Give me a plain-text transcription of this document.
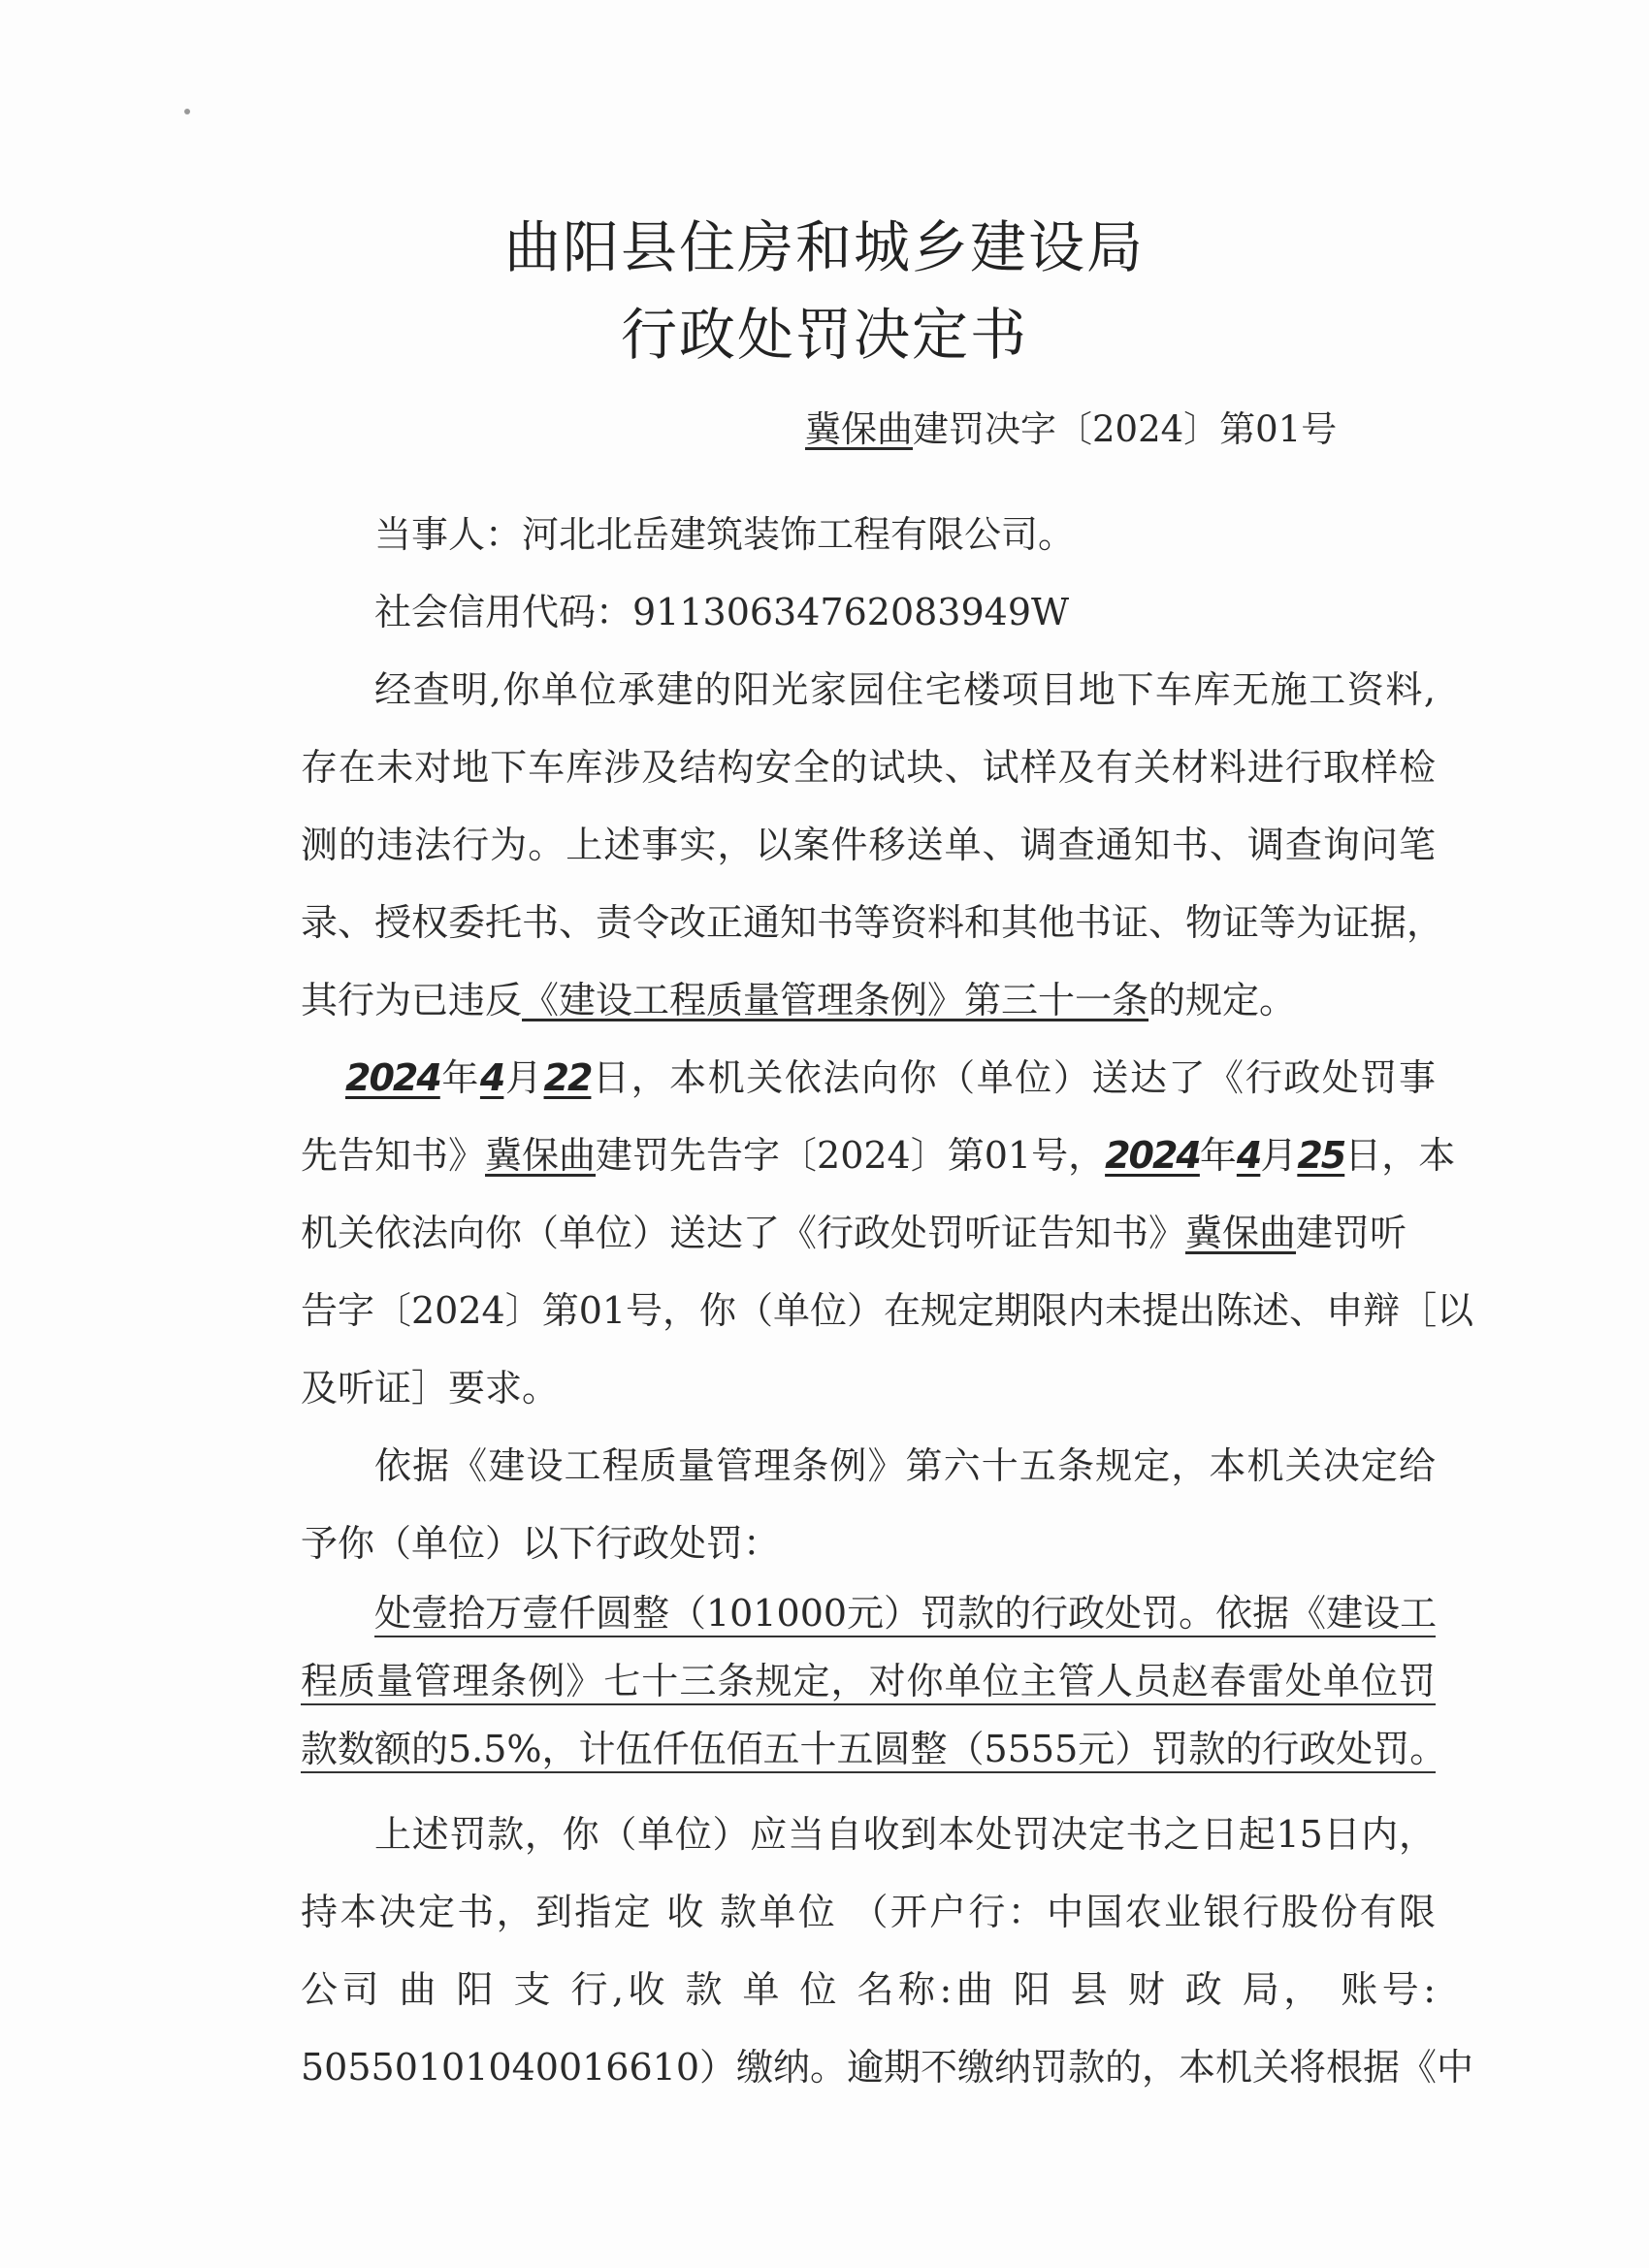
曲阳县住房和城乡建设局
行政处罚决定书
冀保曲建罚决字〔2024〕第01号
当事人：河北北岳建筑装饰工程有限公司。
社会信用代码：91130634762083949W
经查明,你单位承建的阳光家园住宅楼项目地下车库无施工资料,
存在未对地下车库涉及结构安全的试块、试样及有关材料进行取样检
测的违法行为。上述事实，以案件移送单、调查通知书、调查询问笔
录、授权委托书、责令改正通知书等资料和其他书证、物证等为证据，
其行为已违反《建设工程质量管理条例》第三十一条的规定。
2024年4月22日，本机关依法向你（单位）送达了《行政处罚事
先告知书》冀保曲建罚先告字〔2024〕第01号，2024年4月25日，本
机关依法向你（单位）送达了《行政处罚听证告知书》冀保曲建罚听
告字〔2024〕第01号，你（单位）在规定期限内未提出陈述、申辩［以
及听证］要求。
依据《建设工程质量管理条例》第六十五条规定，本机关决定给
予你（单位）以下行政处罚：
处壹拾万壹仟圆整（101000元）罚款的行政处罚。依据《建设工
程质量管理条例》七十三条规定，对你单位主管人员赵春雷处单位罚
款数额的5.5%，计伍仟伍佰五十五圆整（5555元）罚款的行政处罚。
上述罚款，你（单位）应当自收到本处罚决定书之日起15日内，
持本决定书，到指定 收 款单位 （开户行：中国农业银行股份有限
公司 曲 阳 支 行,收 款 单 位 名称:曲 阳 县 财 政 局， 账号:
50550101040016610）缴纳。逾期不缴纳罚款的，本机关将根据《中
